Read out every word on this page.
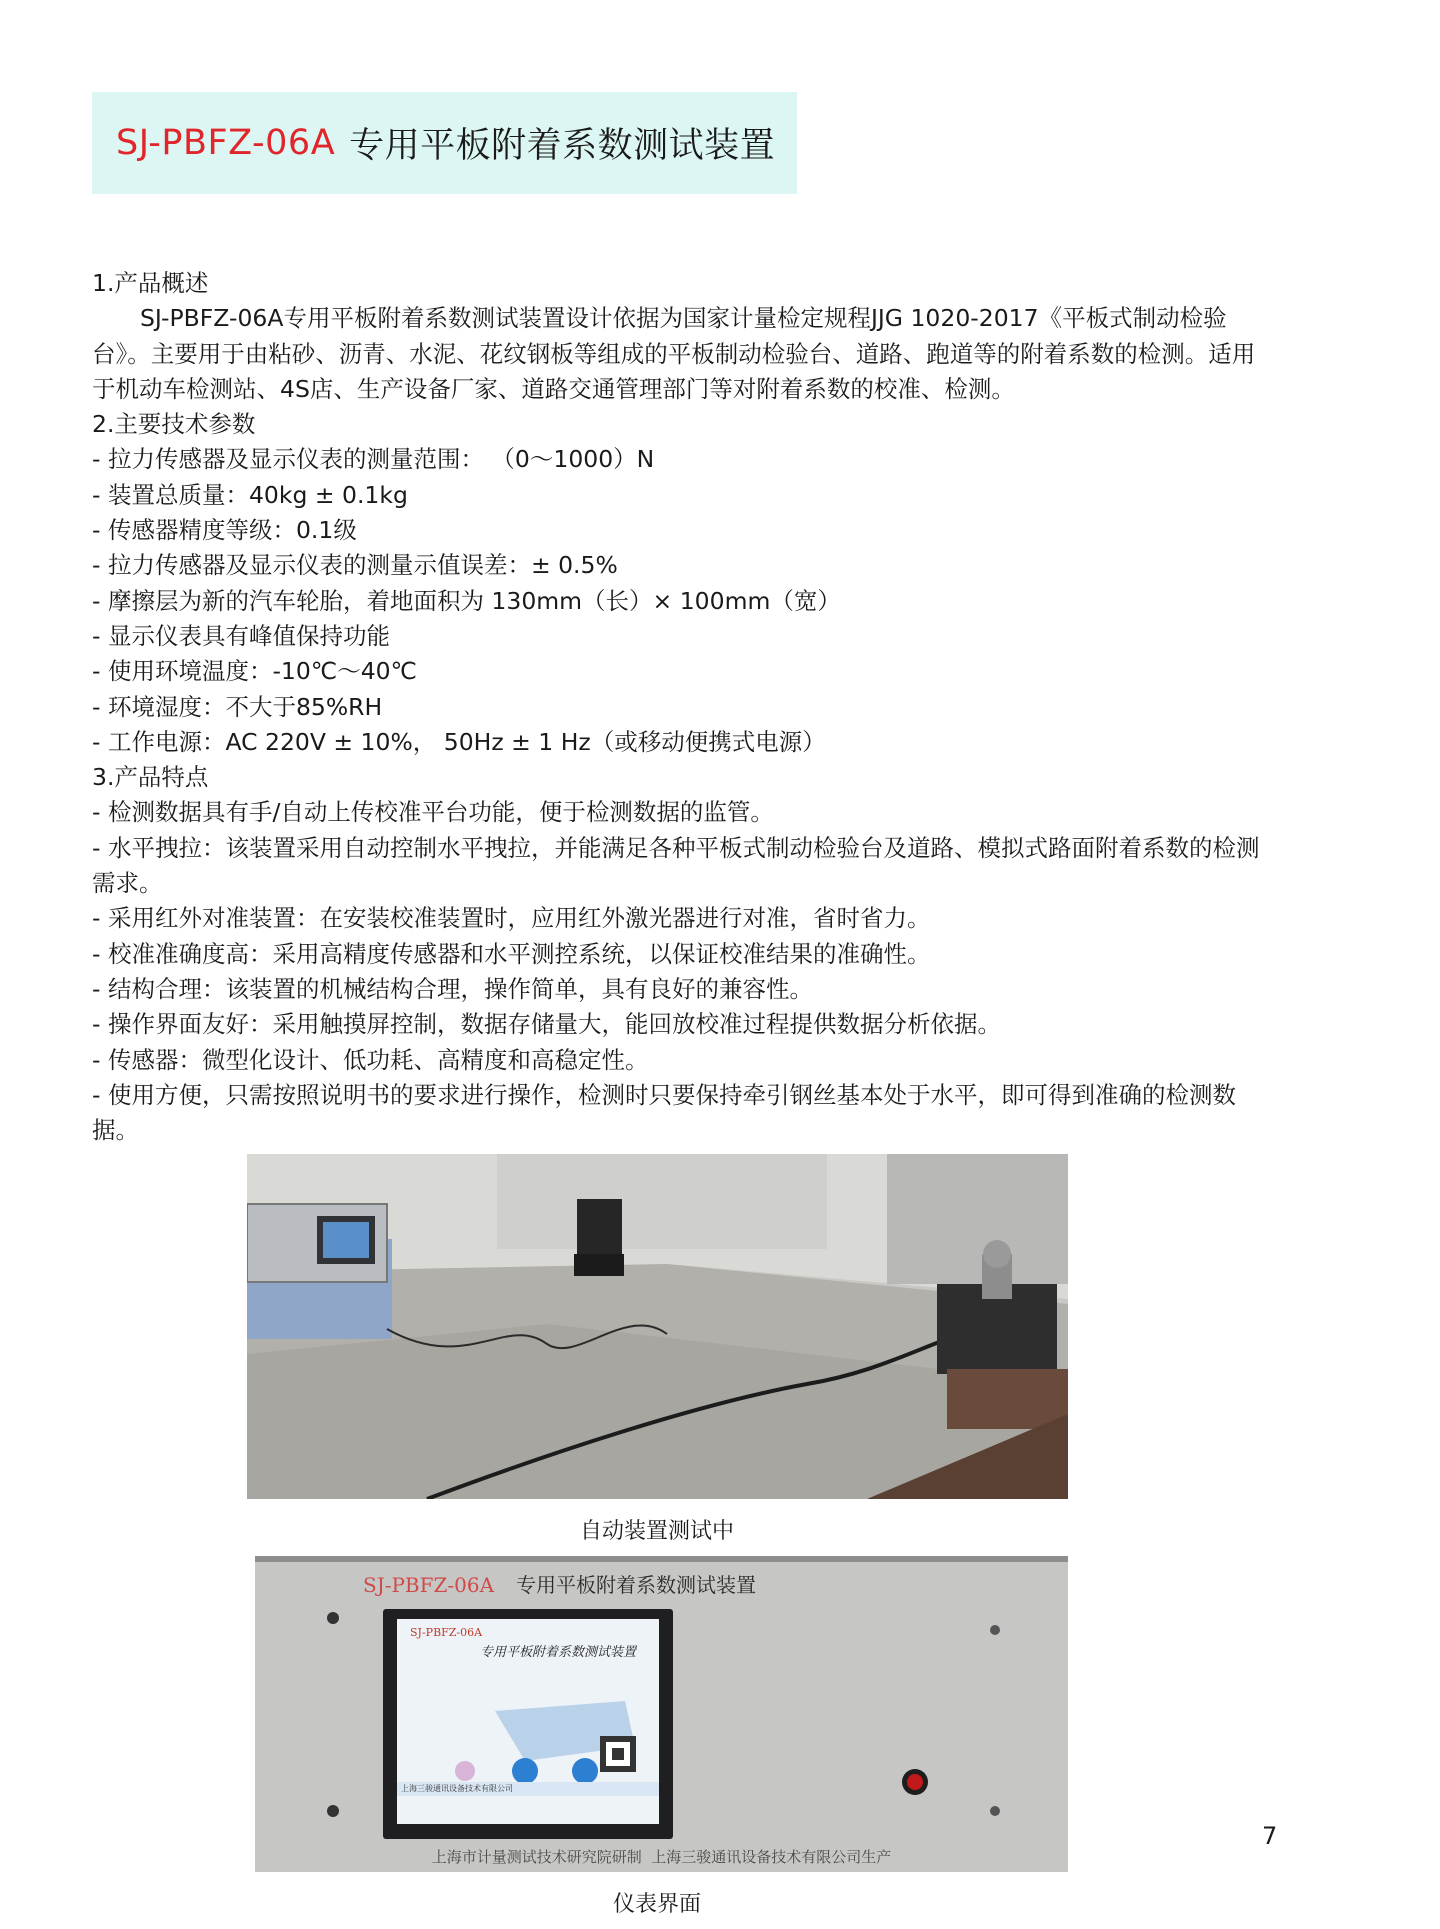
SJ-PBFZ-06A 专用平板附着系数测试装置

1.产品概述

SJ-PBFZ-06A专用平板附着系数测试装置设计依据为国家计量检定规程JJG 1020-2017《平板式制动检验台》。主要用于由粘砂、沥青、水泥、花纹钢板等组成的平板制动检验台、道路、跑道等的附着系数的检测。适用于机动车检测站、4S店、生产设备厂家、道路交通管理部门等对附着系数的校准、检测。

2.主要技术参数

- 拉力传感器及显示仪表的测量范围： （0～1000）N

- 装置总质量：40kg ± 0.1kg

- 传感器精度等级：0.1级

- 拉力传感器及显示仪表的测量示值误差：± 0.5%

- 摩擦层为新的汽车轮胎，着地面积为 130mm（长）× 100mm（宽）

- 显示仪表具有峰值保持功能

- 使用环境温度：-10℃～40℃

- 环境湿度：不大于85%RH

- 工作电源：AC 220V ± 10%， 50Hz ± 1 Hz（或移动便携式电源）

3.产品特点

- 检测数据具有手/自动上传校准平台功能，便于检测数据的监管。

- 水平拽拉：该装置采用自动控制水平拽拉，并能满足各种平板式制动检验台及道路、模拟式路面附着系数的检测需求。

- 采用红外对准装置：在安装校准装置时，应用红外激光器进行对准，省时省力。

- 校准准确度高：采用高精度传感器和水平测控系统，以保证校准结果的准确性。

- 结构合理：该装置的机械结构合理，操作简单，具有良好的兼容性。

- 操作界面友好：采用触摸屏控制，数据存储量大，能回放校准过程提供数据分析依据。

- 传感器：微型化设计、低功耗、高精度和高稳定性。

- 使用方便，只需按照说明书的要求进行操作，检测时只要保持牵引钢丝基本处于水平，即可得到准确的检测数据。

自动装置测试中
SJ-PBFZ-06A 专用平板附着系数测试装置
SJ-PBFZ-06A
专用平板附着系数测试装置
上海三骏通讯设备技术有限公司
上海市计量测试技术研究院研制  上海三骏通讯设备技术有限公司生产
仪表界面
7
